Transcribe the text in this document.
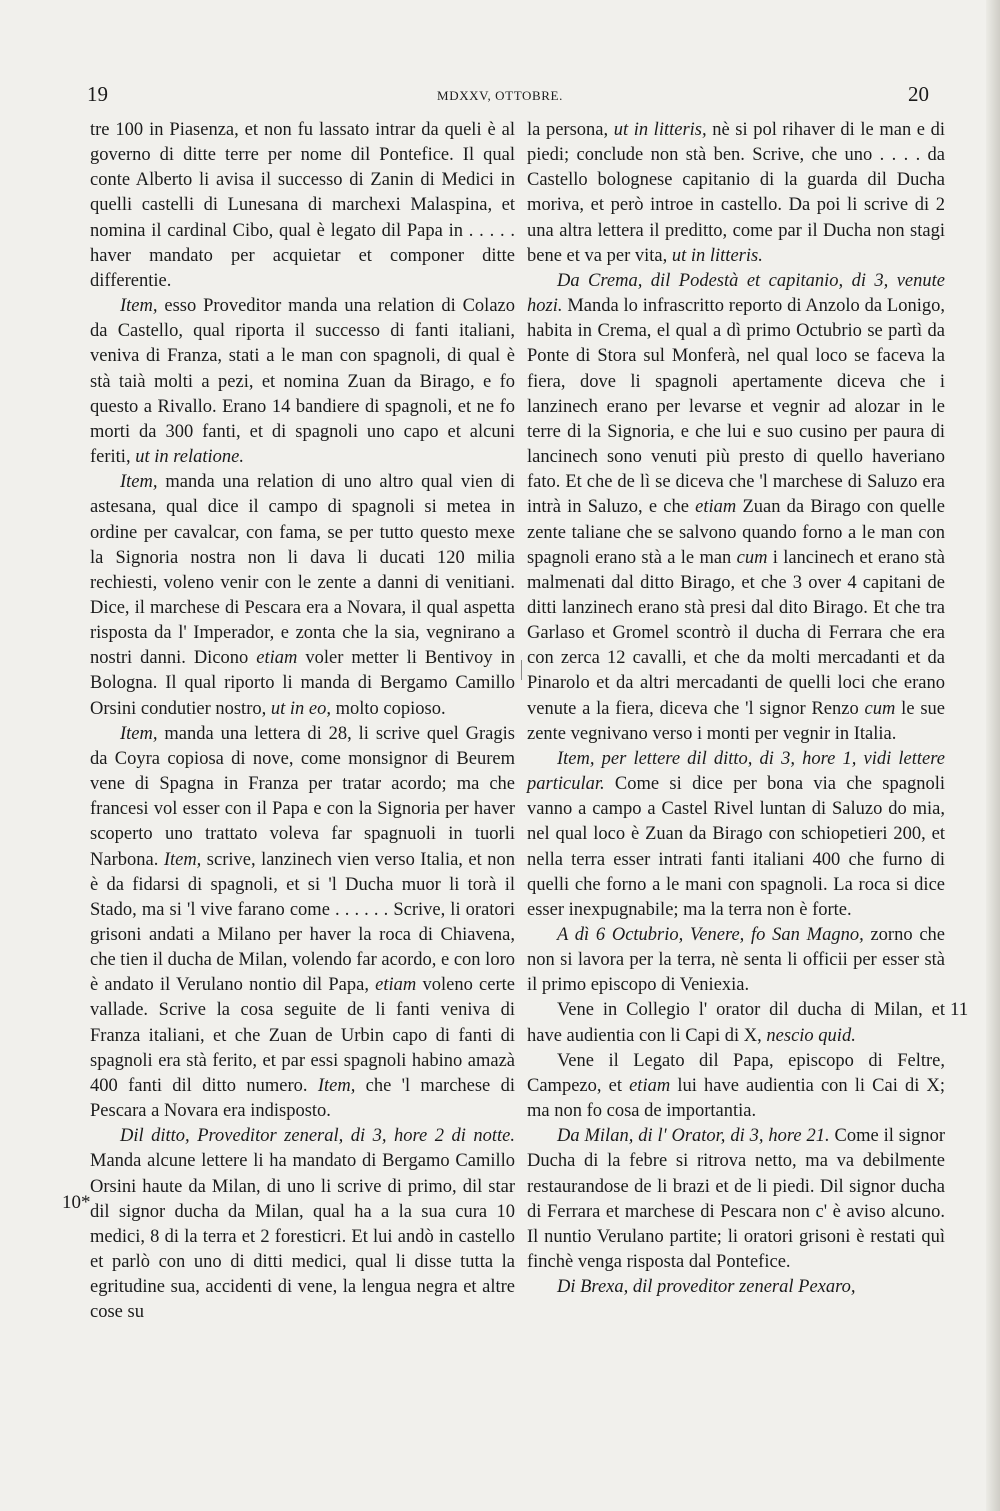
19	MDXXV, OTTOBRE.	20

tre 100 in Piasenza, et non fu lassato intrar da queli è al governo di ditte terre per nome dil Pontefice. Il qual conte Alberto li avisa il successo di Zanin di Medici in quelli castelli di Lunesana di marchexi Malaspina, et nomina il cardinal Cibo, qual è legato dil Papa in . . . . . haver mandato per acquietar et componer ditte differentie.

Item, esso Proveditor manda una relation di Colazo da Castello, qual riporta il successo di fanti italiani, veniva di Franza, stati a le man con spagnoli, di qual è stà taià molti a pezi, et nomina Zuan da Birago, e fo questo a Rivallo. Erano 14 bandiere di spagnoli, et ne fo morti da 300 fanti, et di spagnoli uno capo et alcuni feriti, ut in relatione.

Item, manda una relation di uno altro qual vien di astesana, qual dice il campo di spagnoli si metea in ordine per cavalcar, con fama, se per tutto questo mexe la Signoria nostra non li dava li ducati 120 milia rechiesti, voleno venir con le zente a danni di venitiani. Dice, il marchese di Pescara era a Novara, il qual aspetta risposta da l' Imperador, e zonta che la sia, vegnirano a nostri danni. Dicono etiam voler metter li Bentivoy in Bologna. Il qual riporto li manda di Bergamo Camillo Orsini condutier nostro, ut in eo, molto copioso.

Item, manda una lettera di 28, li scrive quel Gragis da Coyra copiosa di nove, come monsignor di Beurem vene di Spagna in Franza per tratar acordo; ma che francesi vol esser con il Papa e con la Signoria per haver scoperto uno trattato voleva far spagnuoli in tuorli Narbona. Item, scrive, lanzinech vien verso Italia, et non è da fidarsi di spagnoli, et si 'l Ducha muor li torà il Stado, ma si 'l vive farano come . . . . . . Scrive, li oratori grisoni andati a Milano per haver la roca di Chiavena, che tien il ducha de Milan, volendo far acordo, e con loro è andato il Verulano nontio dil Papa, etiam voleno certe vallade. Scrive la cosa seguite de li fanti veniva di Franza italiani, et che Zuan de Urbin capo di fanti di spagnoli era stà ferito, et par essi spagnoli habino amazà 400 fanti dil ditto numero. Item, che 'l marchese di Pescara a Novara era indisposto.

Dil ditto, Proveditor zeneral, di 3, hore 2 di notte. Manda alcune lettere li ha mandato di Bergamo Camillo Orsini haute da Milan, di uno li scrive di primo, dil star dil signor ducha da Milan, qual ha a la sua cura 10 medici, 8 di la terra et 2 foresticri. Et lui andò in castello et parlò con uno di ditti medici, qual li disse tutta la egritudine sua, accidenti di vene, la lengua negra et altre cose su

la persona, ut in litteris, nè si pol rihaver di le man e di piedi; conclude non stà ben. Scrive, che uno . . . . da Castello bolognese capitanio di la guarda dil Ducha moriva, et però introe in castello. Da poi li scrive di 2 una altra lettera il preditto, come par il Ducha non stagi bene et va per vita, ut in litteris.

Da Crema, dil Podestà et capitanio, di 3, venute hozi. Manda lo infrascritto reporto di Anzolo da Lonigo, habita in Crema, el qual a dì primo Octubrio se partì da Ponte di Stora sul Monferà, nel qual loco se faceva la fiera, dove li spagnoli apertamente diceva che i lanzinech erano per levarse et vegnir ad alozar in le terre di la Signoria, e che lui e suo cusino per paura di lancinech sono venuti più presto di quello haveriano fato. Et che de lì se diceva che 'l marchese di Saluzo era intrà in Saluzo, e che etiam Zuan da Birago con quelle zente taliane che se salvono quando forno a le man con spagnoli erano stà a le man cum i lancinech et erano stà malmenati dal ditto Birago, et che 3 over 4 capitani de ditti lanzinech erano stà presi dal dito Birago. Et che tra Garlaso et Gromel scontrò il ducha di Ferrara che era con zerca 12 cavalli, et che da molti mercadanti et da Pinarolo et da altri mercadanti de quelli loci che erano venute a la fiera, diceva che 'l signor Renzo cum le sue zente vegnivano verso i monti per vegnir in Italia.

Item, per lettere dil ditto, di 3, hore 1, vidi lettere particular. Come si dice per bona via che spagnoli vanno a campo a Castel Rivel luntan di Saluzo do mia, nel qual loco è Zuan da Birago con schiopetieri 200, et nella terra esser intrati fanti italiani 400 che furno di quelli che forno a le mani con spagnoli. La roca si dice esser inexpugnabile; ma la terra non è forte.

A dì 6 Octubrio, Venere, fo San Magno, zorno che non si lavora per la terra, nè senta li officii per esser stà il primo episcopo di Veniexia.

Vene in Collegio l' orator dil ducha di Milan, et have audientia con li Capi di X, nescio quid.

Vene il Legato dil Papa, episcopo di Feltre, Campezo, et etiam lui have audientia con li Cai di X; ma non fo cosa de importantia.

Da Milan, di l' Orator, di 3, hore 21. Come il signor Ducha di la febre si ritrova netto, ma va debilmente restaurandose de li brazi et de li piedi. Dil signor ducha di Ferrara et marchese di Pescara non c' è aviso alcuno. Il nuntio Verulano partite; li oratori grisoni è restati quì finchè venga risposta dal Pontefice.

Di Brexa, dil proveditor zeneral Pexaro,

10*
11
